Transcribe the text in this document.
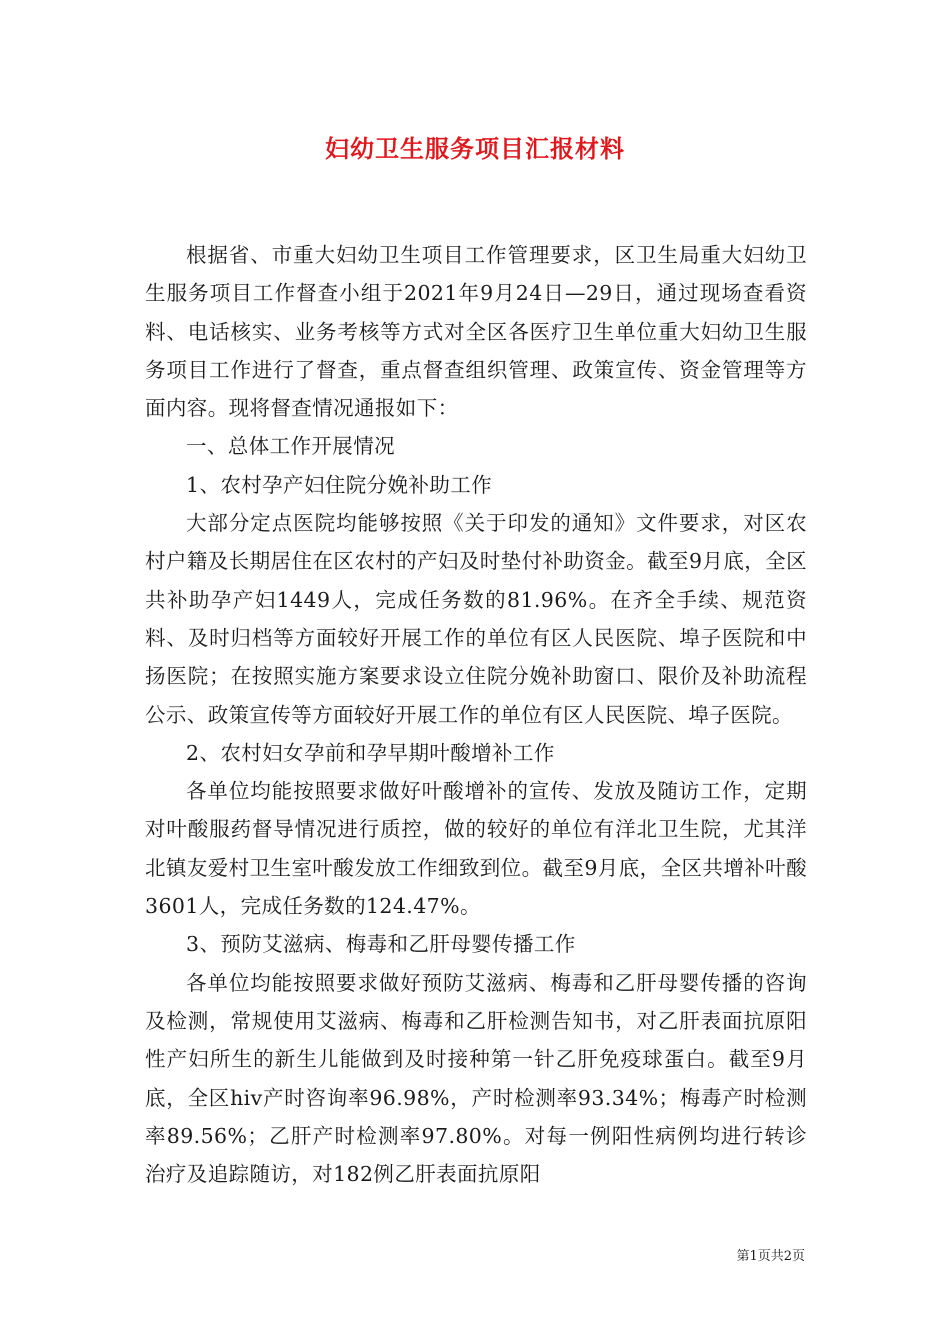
妇幼卫生服务项目汇报材料

根据省、市重大妇幼卫生项目工作管理要求，区卫生局重大妇幼卫生服务项目工作督查小组于2021年9月24日—29日，通过现场查看资料、电话核实、业务考核等方式对全区各医疗卫生单位重大妇幼卫生服务项目工作进行了督查，重点督查组织管理、政策宣传、资金管理等方面内容。现将督查情况通报如下：

一、总体工作开展情况

1、农村孕产妇住院分娩补助工作

大部分定点医院均能够按照《关于印发的通知》文件要求，对区农村户籍及长期居住在区农村的产妇及时垫付补助资金。截至9月底，全区共补助孕产妇1449人，完成任务数的81.96%。在齐全手续、规范资料、及时归档等方面较好开展工作的单位有区人民医院、埠子医院和中扬医院；在按照实施方案要求设立住院分娩补助窗口、限价及补助流程公示、政策宣传等方面较好开展工作的单位有区人民医院、埠子医院。

2、农村妇女孕前和孕早期叶酸增补工作

各单位均能按照要求做好叶酸增补的宣传、发放及随访工作，定期对叶酸服药督导情况进行质控，做的较好的单位有洋北卫生院，尤其洋北镇友爱村卫生室叶酸发放工作细致到位。截至9月底，全区共增补叶酸3601人，完成任务数的124.47%。

3、预防艾滋病、梅毒和乙肝母婴传播工作

各单位均能按照要求做好预防艾滋病、梅毒和乙肝母婴传播的咨询及检测，常规使用艾滋病、梅毒和乙肝检测告知书，对乙肝表面抗原阳性产妇所生的新生儿能做到及时接种第一针乙肝免疫球蛋白。截至9月底，全区hiv产时咨询率96.98%，产时检测率93.34%；梅毒产时检测率89.56%；乙肝产时检测率97.80%。对每一例阳性病例均进行转诊治疗及追踪随访，对182例乙肝表面抗原阳

第1页共2页
